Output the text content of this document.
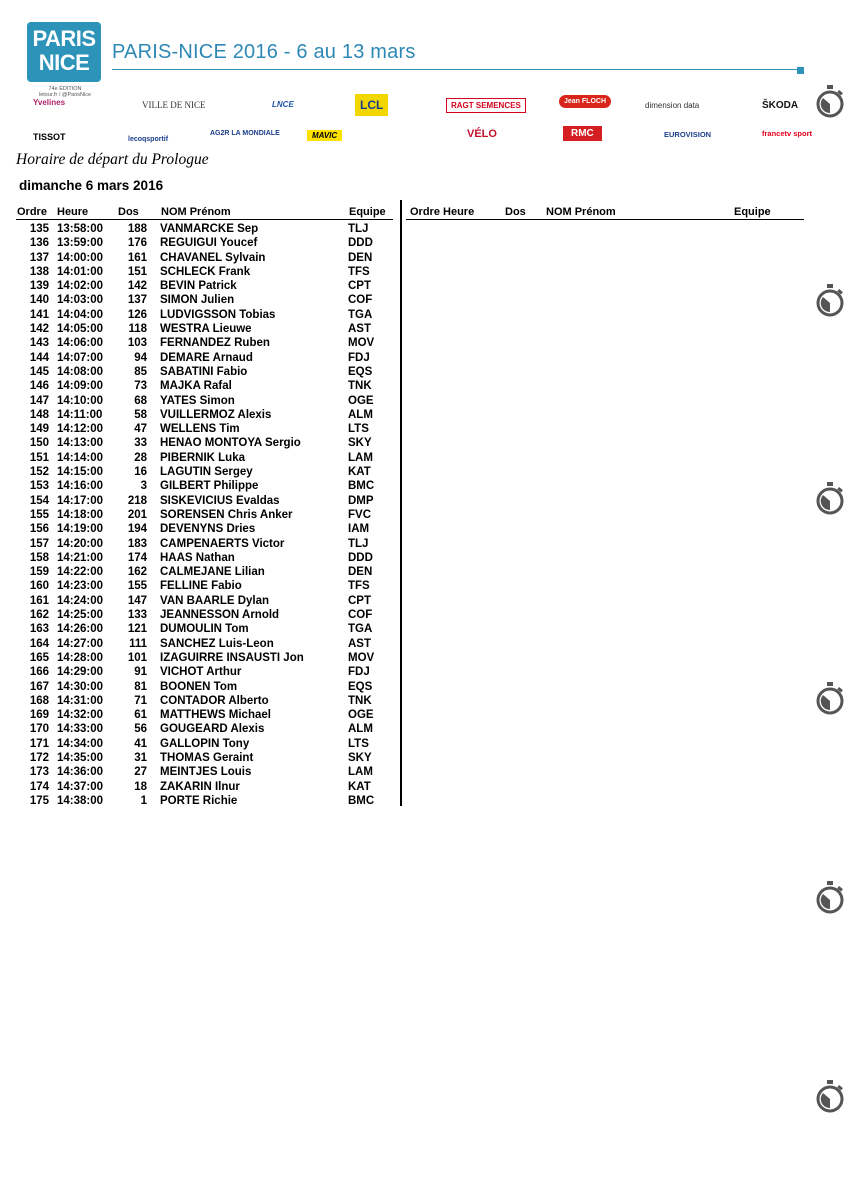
PARIS
NICE
74e ÉDITION
letour.fr / @ParisNice
PARIS-NICE 2016 - 6 au 13 mars
Yvelines	VILLE DE NICE	LNCE	LCL	RAGT SEMENCES	Jean FLOCH	dimension data	ŠKODA
TISSOT	lecoqsportif
AG2R LA MONDIALE	MAVIC	VÉLO	RMC	EUROVISION	francetv sport
Horaire de départ du Prologue
dimanche 6 mars 2016
Ordre Heure	Dos NOM Prénom	Equipe Ordre Heure	Dos NOM Prénom	Equipe
135 13:58:00	188 VANMARCKE Sep	TLJ
136 13:59:00	176 REGUIGUI Youcef	DDD
137 14:00:00	161 CHAVANEL Sylvain	DEN
138 14:01:00	151 SCHLECK Frank	TFS
139 14:02:00	142 BEVIN Patrick	CPT
140 14:03:00	137 SIMON Julien	COF
141 14:04:00	126 LUDVIGSSON Tobias	TGA
142 14:05:00	118 WESTRA Lieuwe	AST
143 14:06:00	103 FERNANDEZ Ruben	MOV
144 14:07:00	94 DEMARE Arnaud	FDJ
145 14:08:00	85 SABATINI Fabio	EQS
146 14:09:00	73 MAJKA Rafal	TNK
147 14:10:00	68 YATES Simon	OGE
148 14:11:00	58 VUILLERMOZ Alexis	ALM
149 14:12:00	47 WELLENS Tim	LTS
150 14:13:00	33 HENAO MONTOYA Sergio	SKY
151 14:14:00	28 PIBERNIK Luka	LAM
152 14:15:00	16 LAGUTIN Sergey	KAT
153 14:16:00	3 GILBERT Philippe	BMC
154 14:17:00	218 SISKEVICIUS Evaldas	DMP
155 14:18:00	201 SORENSEN Chris Anker	FVC
156 14:19:00	194 DEVENYNS Dries	IAM
157 14:20:00	183 CAMPENAERTS Victor	TLJ
158 14:21:00	174 HAAS Nathan	DDD
159 14:22:00	162 CALMEJANE Lilian	DEN
160 14:23:00	155 FELLINE Fabio	TFS
161 14:24:00	147 VAN BAARLE Dylan	CPT
162 14:25:00	133 JEANNESSON Arnold	COF
163 14:26:00	121 DUMOULIN Tom	TGA
164 14:27:00	111 SANCHEZ Luis-Leon	AST
165 14:28:00	101 IZAGUIRRE INSAUSTI Jon	MOV
166 14:29:00	91 VICHOT Arthur	FDJ
167 14:30:00	81 BOONEN Tom	EQS
168 14:31:00	71 CONTADOR Alberto	TNK
169 14:32:00	61 MATTHEWS Michael	OGE
170 14:33:00	56 GOUGEARD Alexis	ALM
171 14:34:00	41 GALLOPIN Tony	LTS
172 14:35:00	31 THOMAS Geraint	SKY
173 14:36:00	27 MEINTJES Louis	LAM
174 14:37:00	18 ZAKARIN Ilnur	KAT
175 14:38:00	1 PORTE Richie	BMC
